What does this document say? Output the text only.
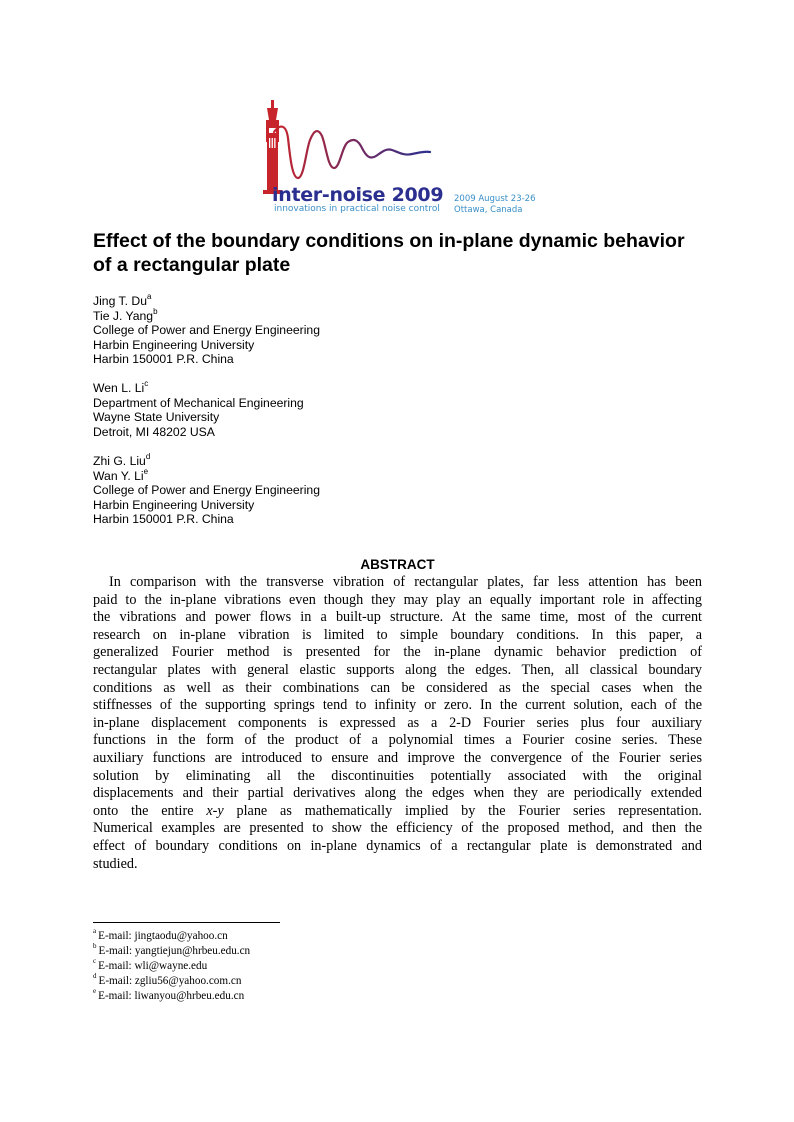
inter-noise 2009
innovations in practical noise control
2009 August 23-26
Ottawa, Canada
Effect of the boundary conditions on in-plane dynamic behavior of a rectangular plate
Jing T. Du$^a$
Tie J. Yang$^b$
College of Power and Energy Engineering
Harbin Engineering University
Harbin 150001 P.R. China
Wen L. Li$^c$
Department of Mechanical Engineering
Wayne State University
Detroit, MI 48202 USA
Zhi G. Liu$^d$
Wan Y. Li$^e$
College of Power and Energy Engineering
Harbin Engineering University
Harbin 150001 P.R. China
ABSTRACT
In comparison with the transverse vibration of rectangular plates, far less attention has been
paid to the in-plane vibrations even though they may play an equally important role in affecting
the vibrations and power flows in a built-up structure. At the same time, most of the current
research on in-plane vibration is limited to simple boundary conditions. In this paper, a
generalized Fourier method is presented for the in-plane dynamic behavior prediction of
rectangular plates with general elastic supports along the edges. Then, all classical boundary
conditions as well as their combinations can be considered as the special cases when the
stiffnesses of the supporting springs tend to infinity or zero. In the current solution, each of the
in-plane displacement components is expressed as a 2-D Fourier series plus four auxiliary
functions in the form of the product of a polynomial times a Fourier cosine series. These
auxiliary functions are introduced to ensure and improve the convergence of the Fourier series
solution by eliminating all the discontinuities potentially associated with the original
displacements and their partial derivatives along the edges when they are periodically extended
onto the entire x-y plane as mathematically implied by the Fourier series representation.
Numerical examples are presented to show the efficiency of the proposed method, and then the
effect of boundary conditions on in-plane dynamics of a rectangular plate is demonstrated and
studied.
$^a$ E-mail: jingtaodu@yahoo.cn
$^b$ E-mail: yangtiejun@hrbeu.edu.cn
$^c$ E-mail: wli@wayne.edu
$^d$ E-mail: zgliu56@yahoo.com.cn
$^e$ E-mail: liwanyou@hrbeu.edu.cn
